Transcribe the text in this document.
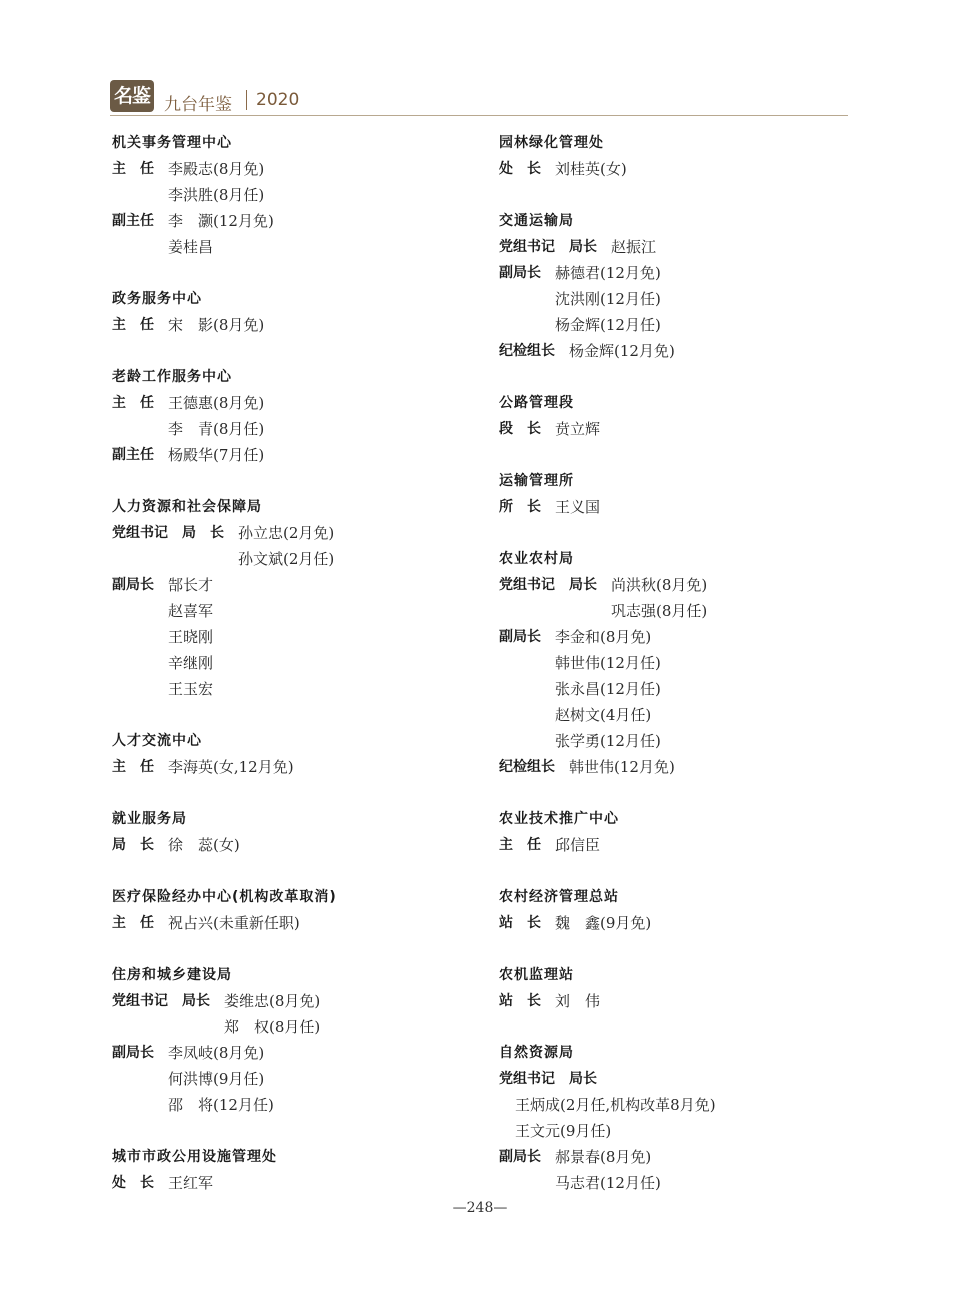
名鉴 九台年鉴 2020
机关事务管理中心
主　任 李殿志(8月免)
李洪胜(8月任)
副主任 李　灏(12月免)
姜桂昌
政务服务中心
主　任 宋　影(8月免)
老龄工作服务中心
主　任 王德惠(8月免)
李　青(8月任)
副主任 杨殿华(7月任)
人力资源和社会保障局
党组书记　局　长 孙立忠(2月免)
孙文斌(2月任)
副局长 郜长才
赵喜军
王晓刚
辛继刚
王玉宏
人才交流中心
主　任 李海英(女,12月免)
就业服务局
局　长 徐　蕊(女)
医疗保险经办中心(机构改革取消)
主　任 祝占兴(未重新任职)
住房和城乡建设局
党组书记　局长 娄维忠(8月免)
郑　权(8月任)
副局长 李凤岐(8月免)
何洪博(9月任)
邵　将(12月任)
城市市政公用设施管理处
处　长 王红军
园林绿化管理处
处　长 刘桂英(女)
交通运输局
党组书记　局长 赵振江
副局长 赫德君(12月免)
沈洪刚(12月任)
杨金辉(12月任)
纪检组长 杨金辉(12月免)
公路管理段
段　长 贲立辉
运输管理所
所　长 王义国
农业农村局
党组书记　局长 尚洪秋(8月免)
巩志强(8月任)
副局长 李金和(8月免)
韩世伟(12月任)
张永昌(12月任)
赵树文(4月任)
张学勇(12月任)
纪检组长 韩世伟(12月免)
农业技术推广中心
主　任 邱信臣
农村经济管理总站
站　长 魏　鑫(9月免)
农机监理站
站　长 刘　伟
自然资源局
党组书记　局长
王炳成(2月任,机构改革8月免)
王文元(9月任)
副局长 郝景春(8月免)
马志君(12月任)
—248—
